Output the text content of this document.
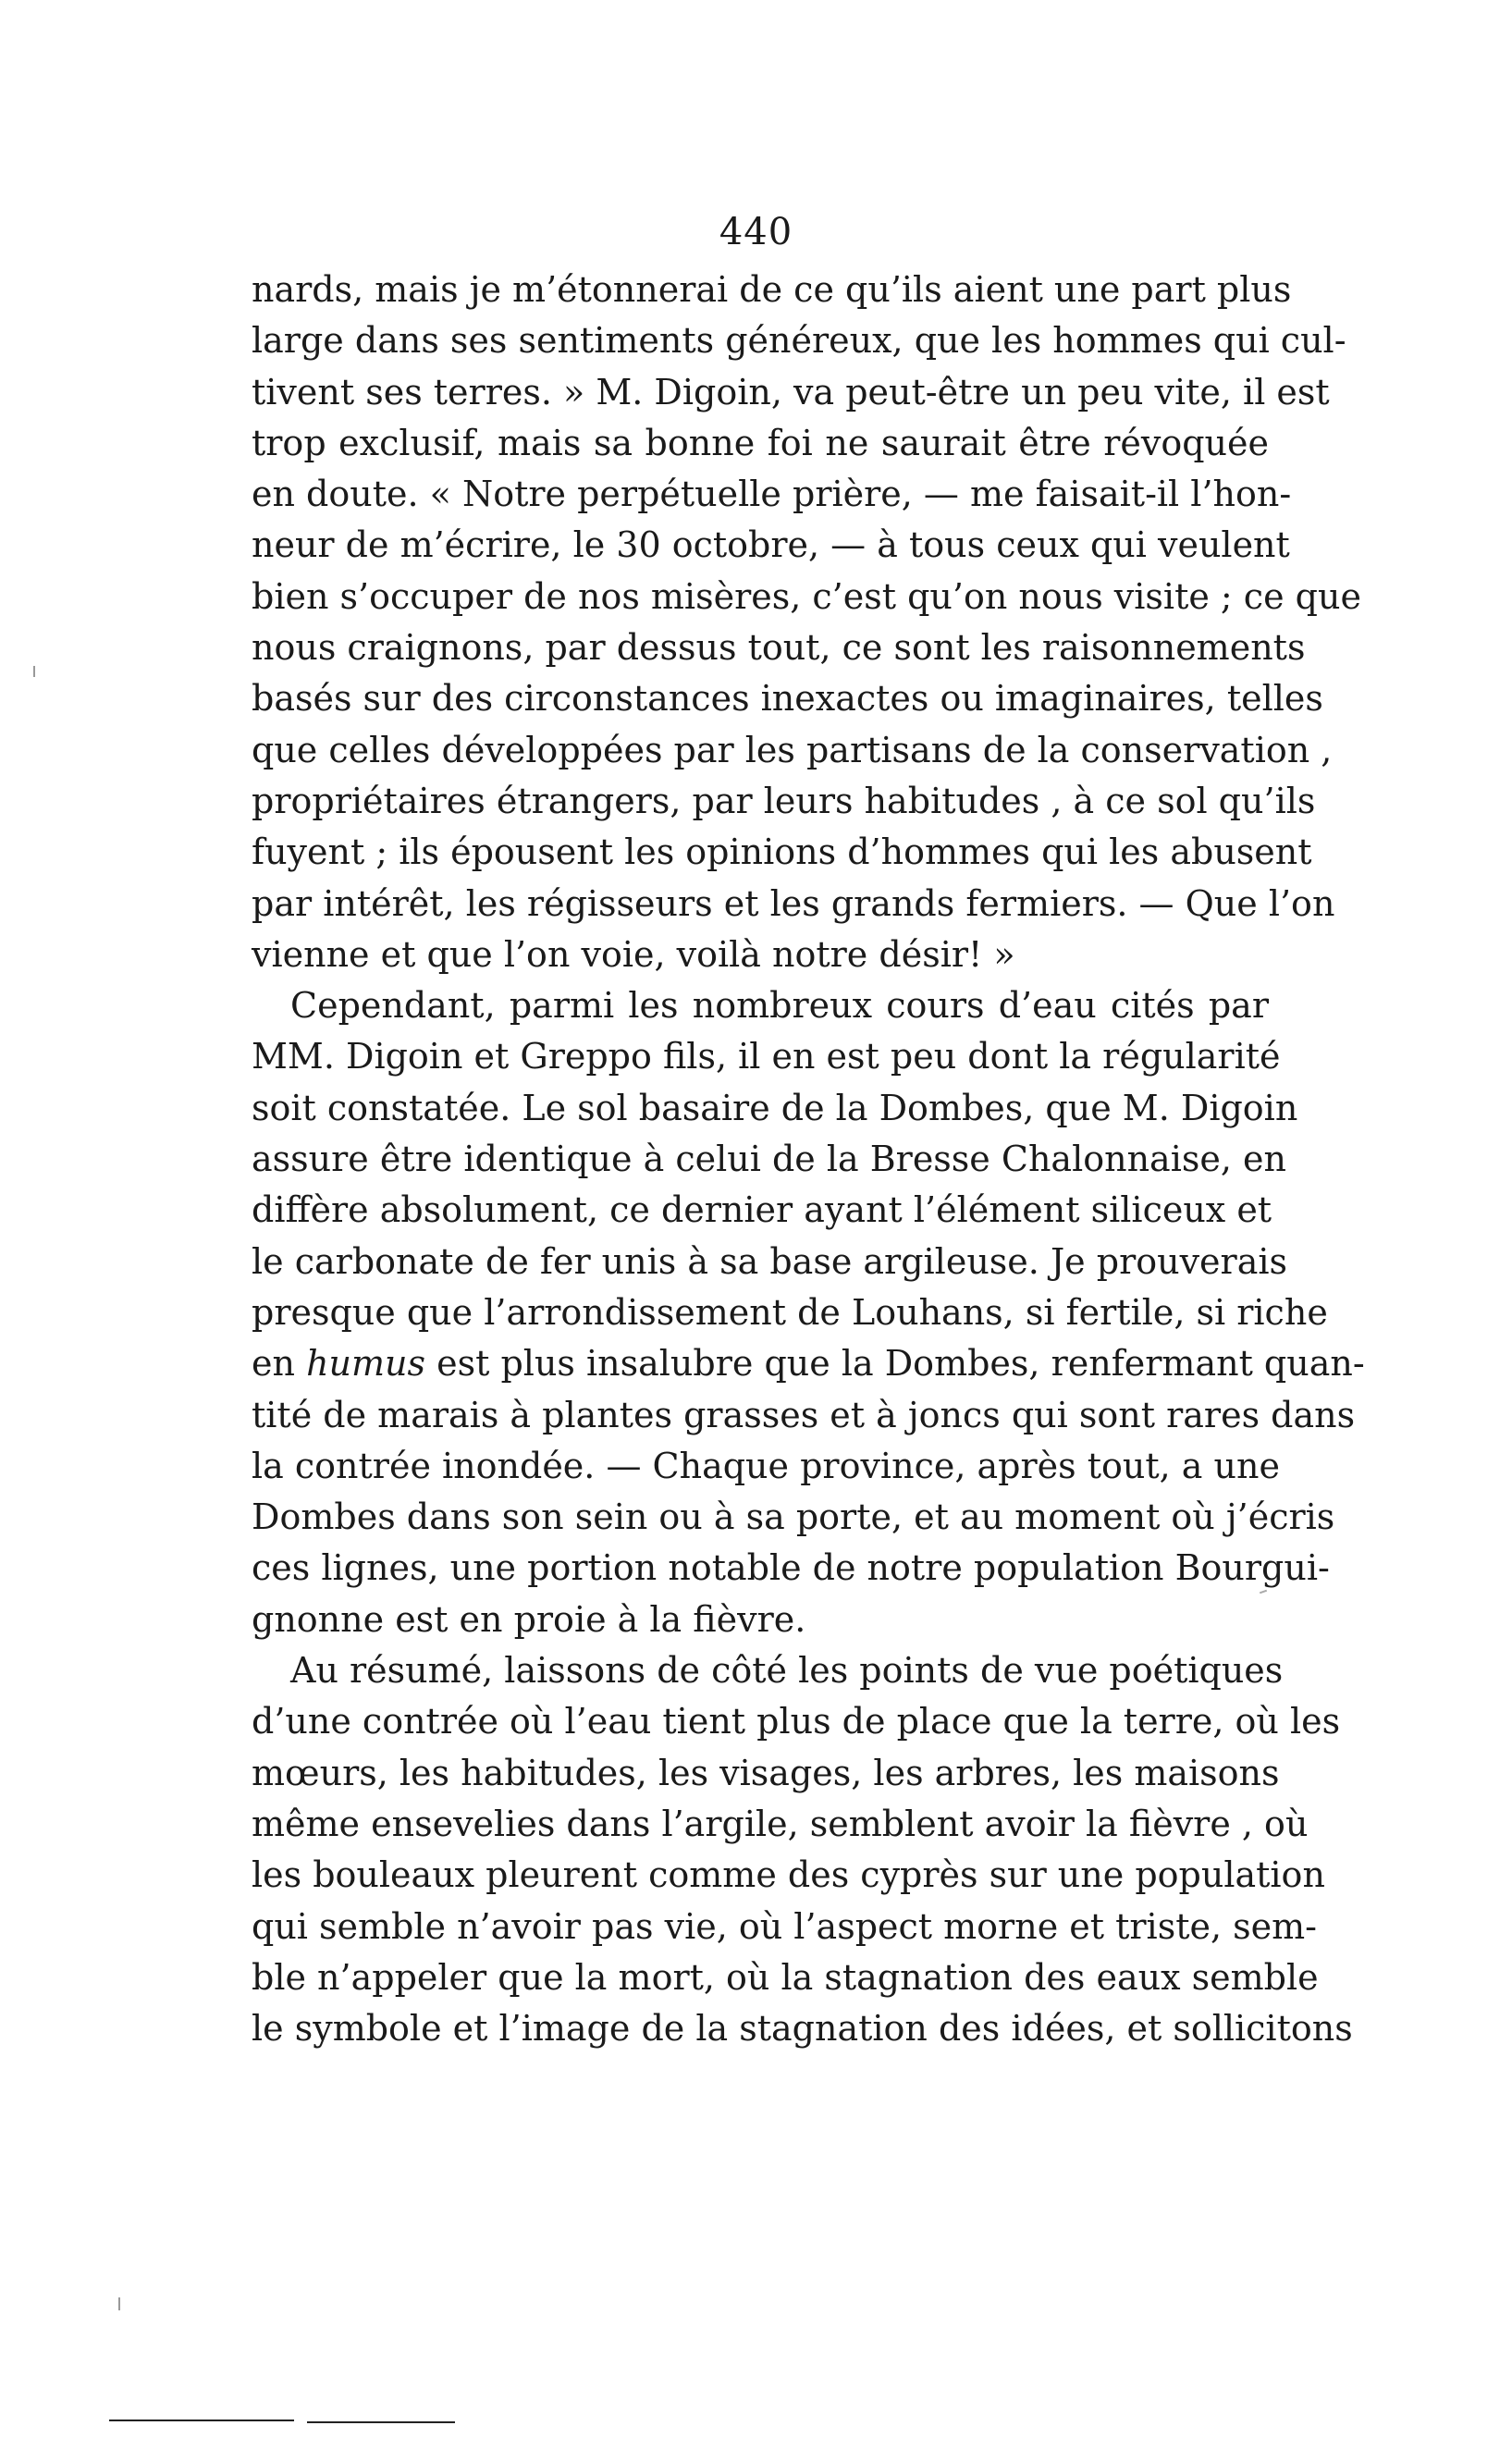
440
nards, mais je m’étonnerai de ce qu’ils aient une part plus
large dans ses sentiments généreux, que les hommes qui cul-
tivent ses terres. » M. Digoin, va peut-être un peu vite, il est
trop exclusif, mais sa bonne foi ne saurait être révoquée
en doute. « Notre perpétuelle prière, — me faisait-il l’hon-
neur de m’écrire, le 30 octobre, — à tous ceux qui veulent
bien s’occuper de nos misères, c’est qu’on nous visite ; ce que
nous craignons, par dessus tout, ce sont les raisonnements
basés sur des circonstances inexactes ou imaginaires, telles
que celles développées par les partisans de la conservation ,
propriétaires étrangers, par leurs habitudes , à ce sol qu’ils
fuyent ; ils épousent les opinions d’hommes qui les abusent
par intérêt, les régisseurs et les grands fermiers. — Que l’on
vienne et que l’on voie, voilà notre désir! »
Cependant, parmi les nombreux cours d’eau cités par
MM. Digoin et Greppo fils, il en est peu dont la régularité
soit constatée. Le sol basaire de la Dombes, que M. Digoin
assure être identique à celui de la Bresse Chalonnaise, en
diffère absolument, ce dernier ayant l’élément siliceux et
le carbonate de fer unis à sa base argileuse. Je prouverais
presque que l’arrondissement de Louhans, si fertile, si riche
en humus est plus insalubre que la Dombes, renfermant quan-
tité de marais à plantes grasses et à joncs qui sont rares dans
la contrée inondée. — Chaque province, après tout, a une
Dombes dans son sein ou à sa porte, et au moment où j’écris
ces lignes, une portion notable de notre population Bourgui-
gnonne est en proie à la fièvre.
Au résumé, laissons de côté les points de vue poétiques
d’une contrée où l’eau tient plus de place que la terre, où les
mœurs, les habitudes, les visages, les arbres, les maisons
même ensevelies dans l’argile, semblent avoir la fièvre , où
les bouleaux pleurent comme des cyprès sur une population
qui semble n’avoir pas vie, où l’aspect morne et triste, sem-
ble n’appeler que la mort, où la stagnation des eaux semble
le symbole et l’image de la stagnation des idées, et sollicitons
